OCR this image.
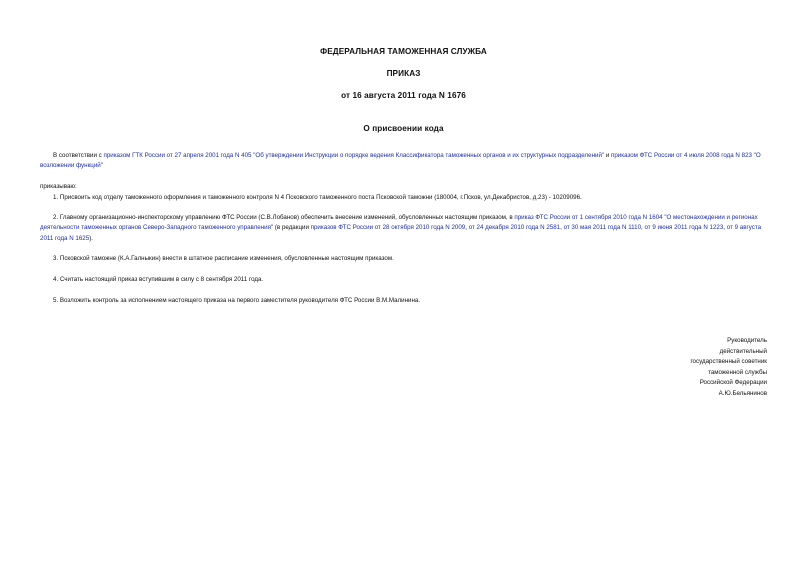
ФЕДЕРАЛЬНАЯ ТАМОЖЕННАЯ СЛУЖБА
ПРИКАЗ
от 16 августа 2011 года N 1676
О присвоении кода
В соответствии с приказом ГТК России от 27 апреля 2001 года N 405 "Об утверждении Инструкции о порядке ведения Классификатора таможенных органов и их структурных подразделений" и приказом ФТС России от 4 июля 2008 года N 823 "О возложении функций"
приказываю:
1. Присвоить код отделу таможенного оформления и таможенного контроля N 4 Псковского таможенного поста Псковской таможни (180004, г.Псков, ул.Декабристов, д.23) - 10209096.
2. Главному организационно-инспекторскому управлению ФТС России (С.В.Лобанов) обеспечить внесение изменений, обусловленных настоящим приказом, в приказ ФТС России от 1 сентября 2010 года N 1604 "О местонахождении и регионах деятельности таможенных органов Северо-Западного таможенного управления" (в редакции приказов ФТС России от 28 октября 2010 года N 2009, от 24 декабря 2010 года N 2581, от 30 мая 2011 года N 1110, от 9 июня 2011 года N 1223, от 9 августа 2011 года N 1625).
3. Псковской таможне (К.А.Галныкин) внести в штатное расписание изменения, обусловленные настоящим приказом.
4. Считать настоящий приказ вступившим в силу с 8 сентября 2011 года.
5. Возложить контроль за исполнением настоящего приказа на первого заместителя руководителя ФТС России В.М.Малинина.
Руководитель
действительный
государственный советник
таможенной службы
Российской Федерации
А.Ю.Бельянинов
